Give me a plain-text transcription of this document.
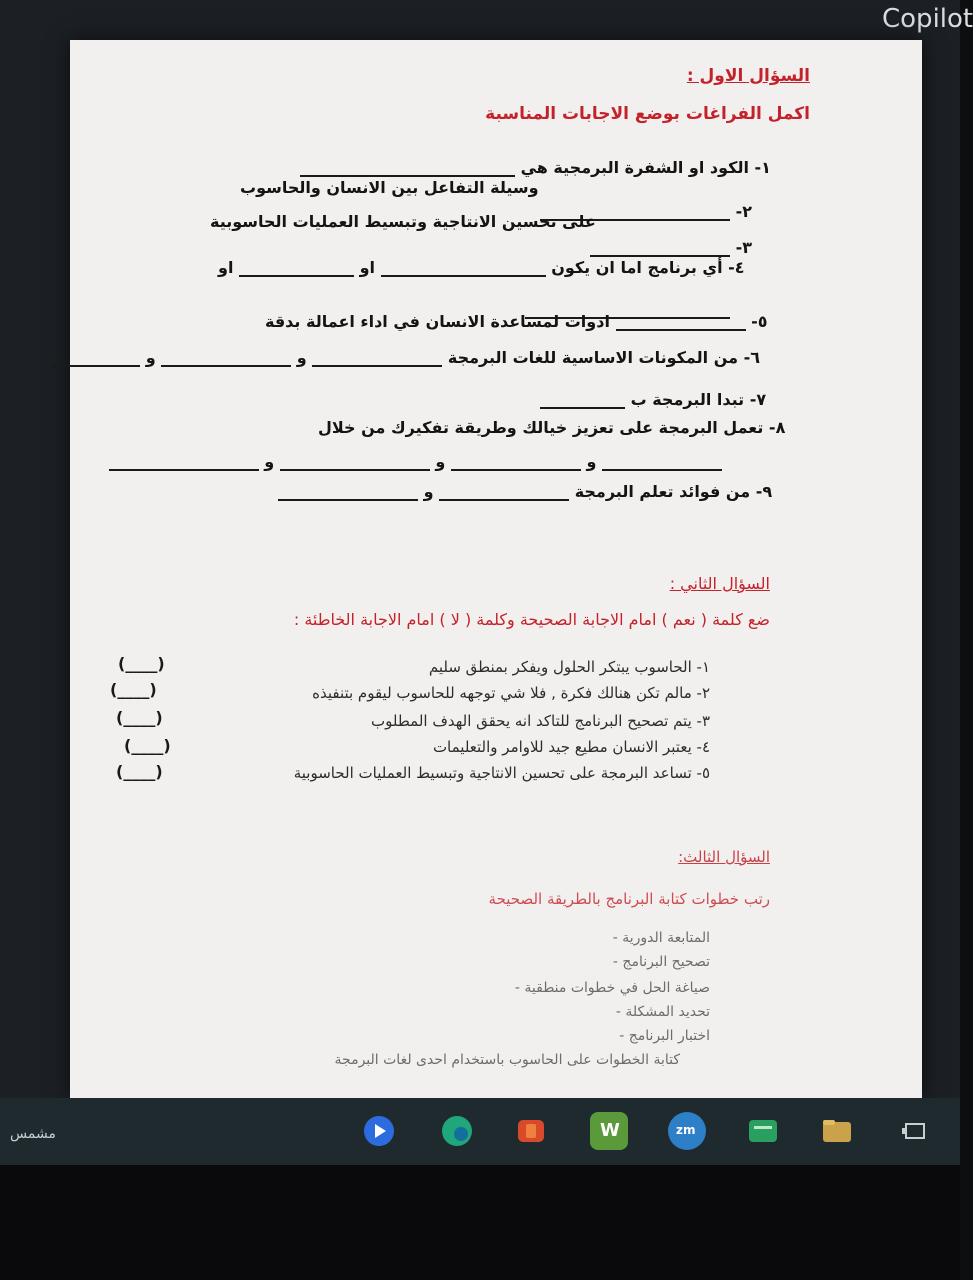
Copilot
السؤال الاول :
اكمل الفراغات بوضع الاجابات المناسبة
١- الكود او الشفرة البرمجية هي
وسيلة التفاعل بين الانسان والحاسوب
٢-
على تحسين الانتاجية وتبسيط العمليات الحاسوبية
٣-
٤- أي برنامج اما ان يكون  او  او
٥-  ادوات لمساعدة الانسان في اداء اعمالة بدقة
٦- من المكونات الاساسية للغات البرمجة  و  و
٧- تبدا البرمجة ب
٨- تعمل البرمجة على تعزيز خيالك وطريقة تفكيرك من خلال
و  و  و
٩- من فوائد تعلم البرمجة  و
السؤال الثاني :
ضع كلمة ( نعم ) امام الاجابة الصحيحة وكلمة ( لا ) امام الاجابة الخاطئة :
١- الحاسوب يبتكر الحلول ويفكر بمنطق سليم
(____)
٢- مالم تكن هنالك فكرة , فلا شي توجهه للحاسوب ليقوم بتنفيذه
(____)
٣- يتم تصحيح البرنامج للتاكد انه يحقق الهدف المطلوب
(____)
٤- يعتبر الانسان مطيع جيد للاوامر والتعليمات
(____)
٥- تساعد البرمجة على تحسين الانتاجية وتبسيط العمليات الحاسوبية
(____)
السؤال الثالث:
رتب خطوات كتابة البرنامج بالطريقة الصحيحة
المتابعة الدورية -
تصحيح البرنامج -
صياغة الحل في خطوات منطقية -
تحديد المشكلة -
اختبار البرنامج -
كتابة الخطوات على الحاسوب باستخدام احدى لغات البرمجة
مشمس	W	zm
